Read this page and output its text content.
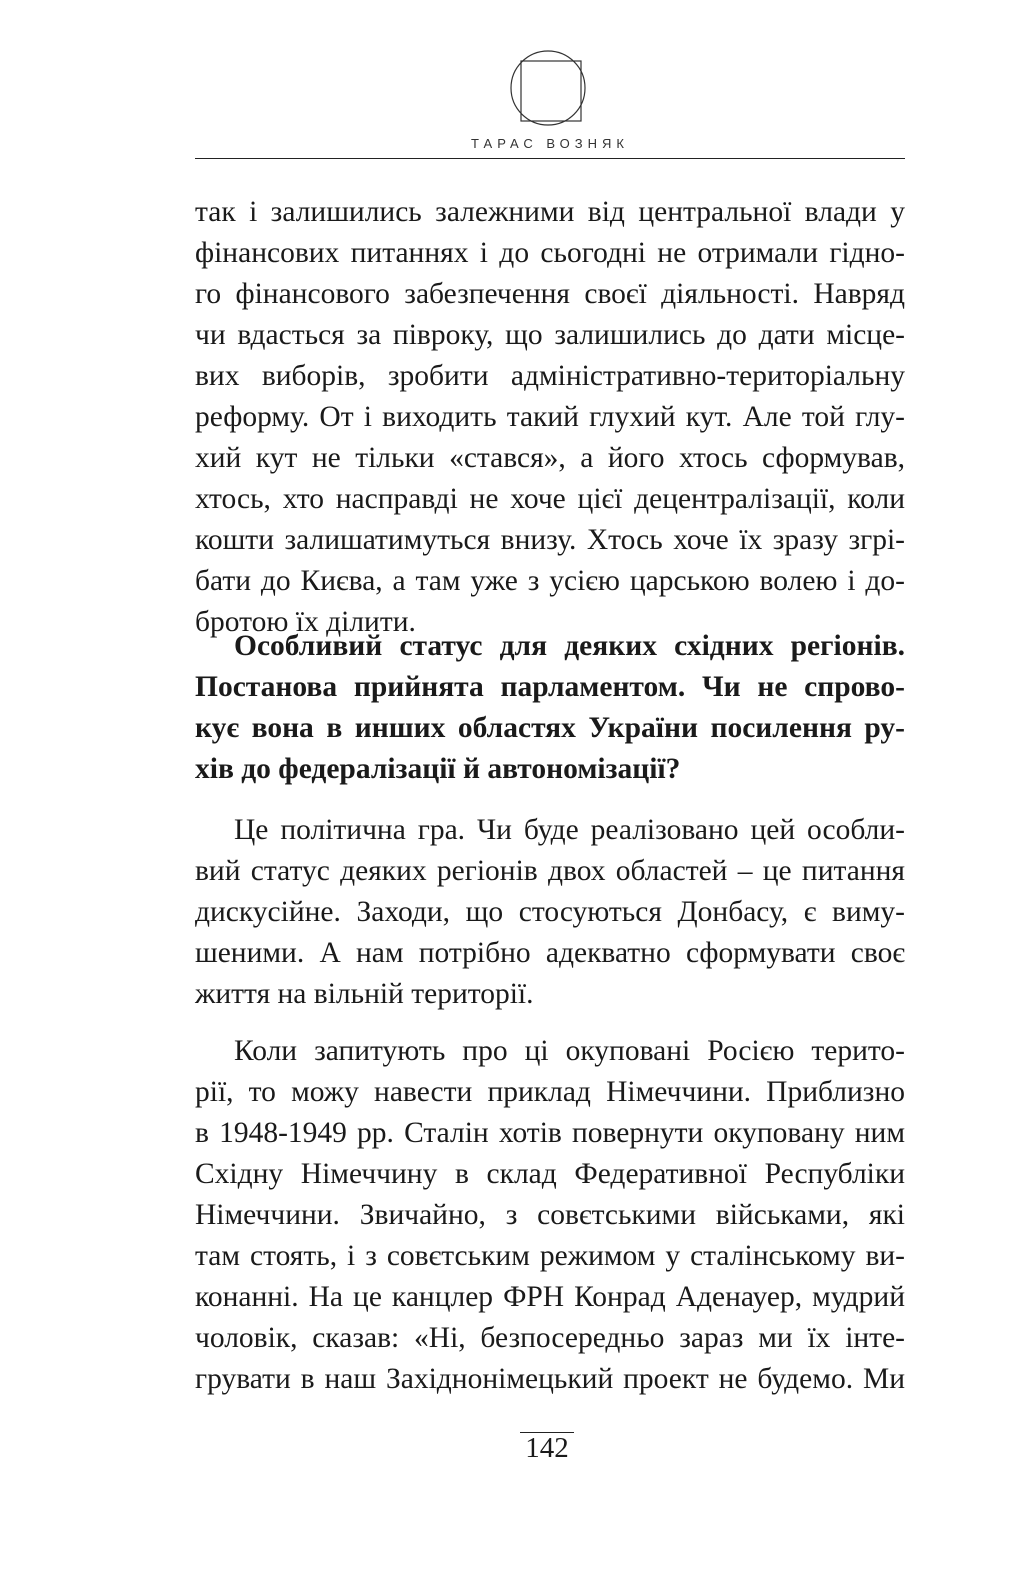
ТАРАС ВОЗНЯК
так і залишились залежними від центральної влади у
фінансових питаннях і до сьогодні не отримали гідно-
го фінансового забезпечення своєї діяльності. Навряд
чи вдасться за півроку, що залишились до дати місце-
вих виборів, зробити адміністративно-територіальну
реформу. От і виходить такий глухий кут. Але той глу-
хий кут не тільки «стався», а його хтось сформував,
хтось, хто насправді не хоче цієї децентралізації, коли
кошти залишатимуться внизу. Хтось хоче їх зразу згрі-
бати до Києва, а там уже з усією царською волею і до-
бротою їх ділити.
Особливий статус для деяких східних регіонів.
Постанова прийнята парламентом. Чи не спрово-
кує вона в инших областях України посилення ру-
хів до федералізації й автономізації?
Це політична гра. Чи буде реалізовано цей особли-
вий статус деяких регіонів двох областей – це питання
дискусійне. Заходи, що стосуються Донбасу, є виму-
шеними. А нам потрібно адекватно сформувати своє
життя на вільній території.
Коли запитують про ці окуповані Росією терито-
рії, то можу навести приклад Німеччини. Приблизно
в 1948-1949 рр. Сталін хотів повернути окуповану ним
Східну Німеччину в склад Федеративної Республіки
Німеччини. Звичайно, з совєтськими військами, які
там стоять, і з совєтським режимом у сталінському ви-
конанні. На це канцлер ФРН Конрад Аденауер, мудрий
чоловік, сказав: «Ні, безпосередньо зараз ми їх інте-
грувати в наш Західнонімецький проект не будемо. Ми
142
